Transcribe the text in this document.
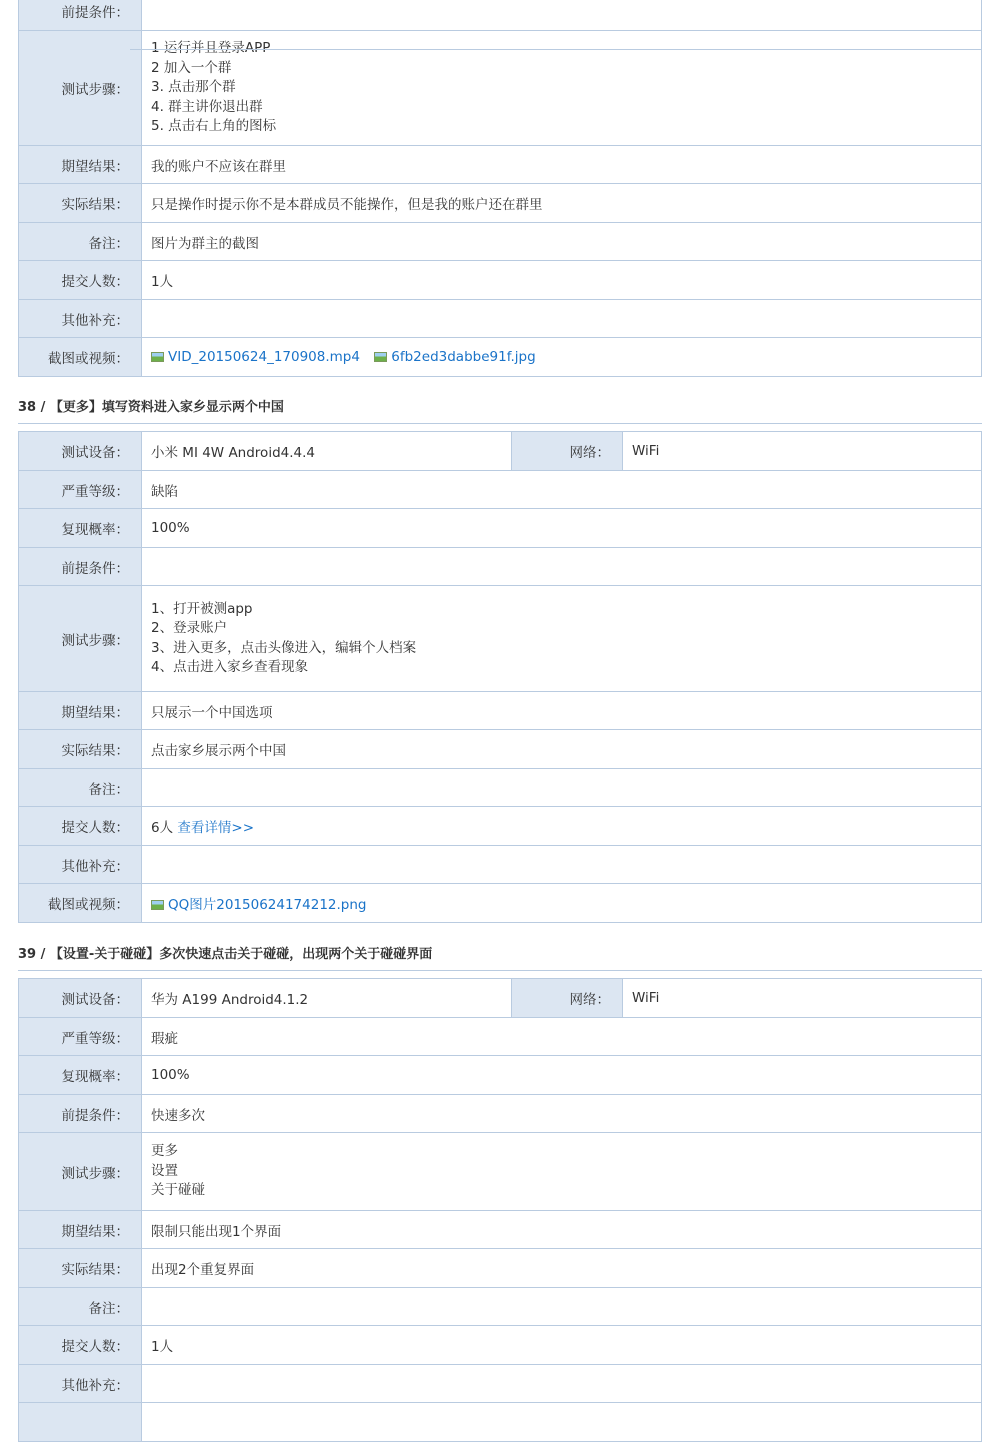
前提条件：	
测试步骤：	1 运行并且登录APP
2 加入一个群
3. 点击那个群
4. 群主讲你退出群
5. 点击右上角的图标

期望结果：	我的账户不应该在群里
实际结果：	只是操作时提示你不是本群成员不能操作，但是我的账户还在群里
备注：	图片为群主的截图
提交人数：	1人
其他补充：	
截图或视频：	VID_20150624_170908.mp4 6fb2ed3dabbe91f.jpg
38 / 【更多】填写资料进入家乡显示两个中国
测试设备：	小米 MI 4W Android4.4.4	网络：	WiFi
严重等级：	缺陷		
复现概率：	100%		
前提条件：			
测试步骤：	1、打开被测app
2、登录账户
3、进入更多，点击头像进入，编辑个人档案
4、点击进入家乡查看现象		

期望结果：	只展示一个中国选项		
实际结果：	点击家乡展示两个中国		
备注：			
提交人数：	6人 查看详情>>		
其他补充：			
截图或视频：	QQ图片20150624174212.png		
39 / 【设置-关于碰碰】多次快速点击关于碰碰，出现两个关于碰碰界面
测试设备：	华为 A199 Android4.1.2	网络：	WiFi
严重等级：	瑕疵		
复现概率：	100%		
前提条件：	快速多次		
测试步骤：	更多
设置
关于碰碰		

期望结果：	限制只能出现1个界面		
实际结果：	出现2个重复界面		
备注：			
提交人数：	1人		
其他补充：			
